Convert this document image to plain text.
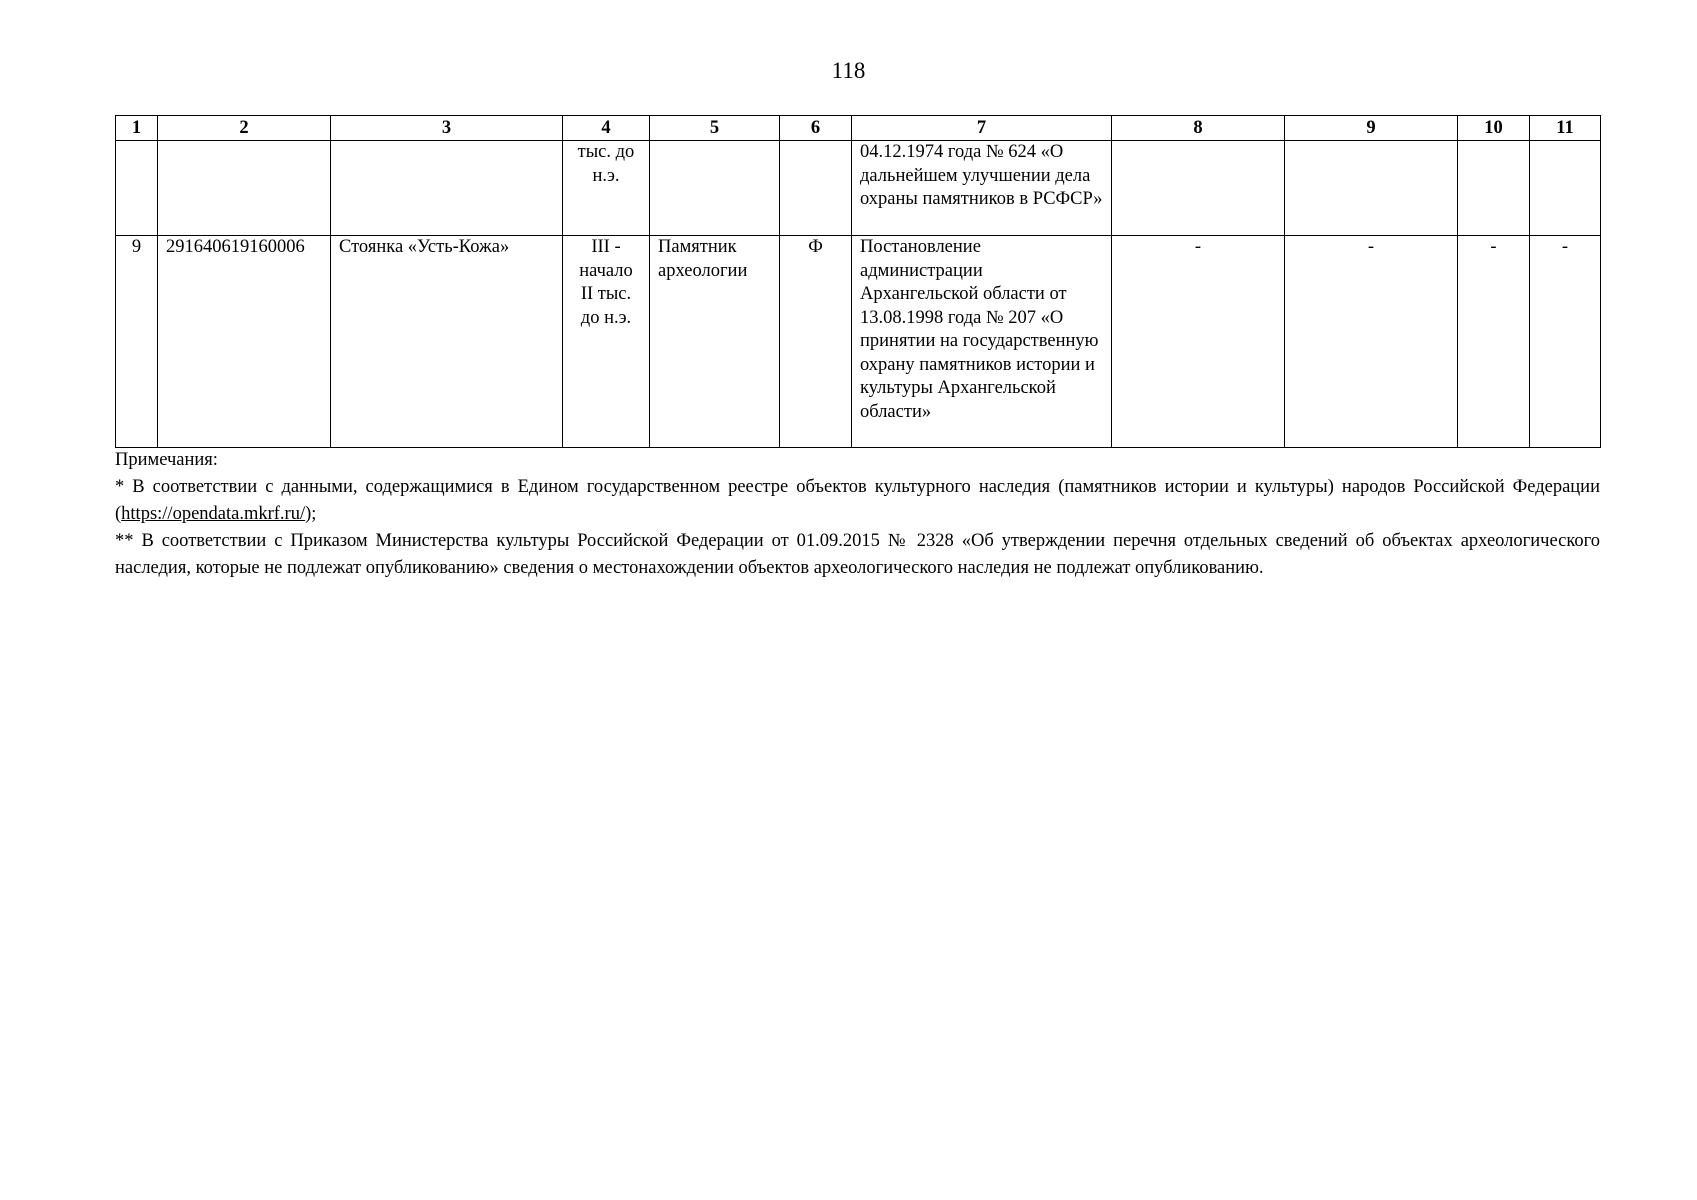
118
1	2	3	4	5	6	7	8	9	10	11
			тыс. до н.э.			04.12.1974 года № 624 «О дальнейшем улучшении дела охраны памятников в РСФСР»				
9	291640619160006	Стоянка «Усть-Кожа»	III - начало II тыс. до н.э.	Памятник археологии	Ф	Постановление администрации Архангельской области от 13.08.1998 года № 207 «О принятии на государственную охрану памятников истории и культуры Архангельской области»	-	-	-	-

Примечания:

* В соответствии с данными, содержащимися в Едином государственном реестре объектов культурного наследия (памятников истории и культуры) народов Российской Федерации (https://opendata.mkrf.ru/);

** В соответствии с Приказом Министерства культуры Российской Федерации от 01.09.2015 № 2328 «Об утверждении перечня отдельных сведений об объектах археологического наследия, которые не подлежат опубликованию» сведения о местонахождении объектов археологического наследия не подлежат опубликованию.
